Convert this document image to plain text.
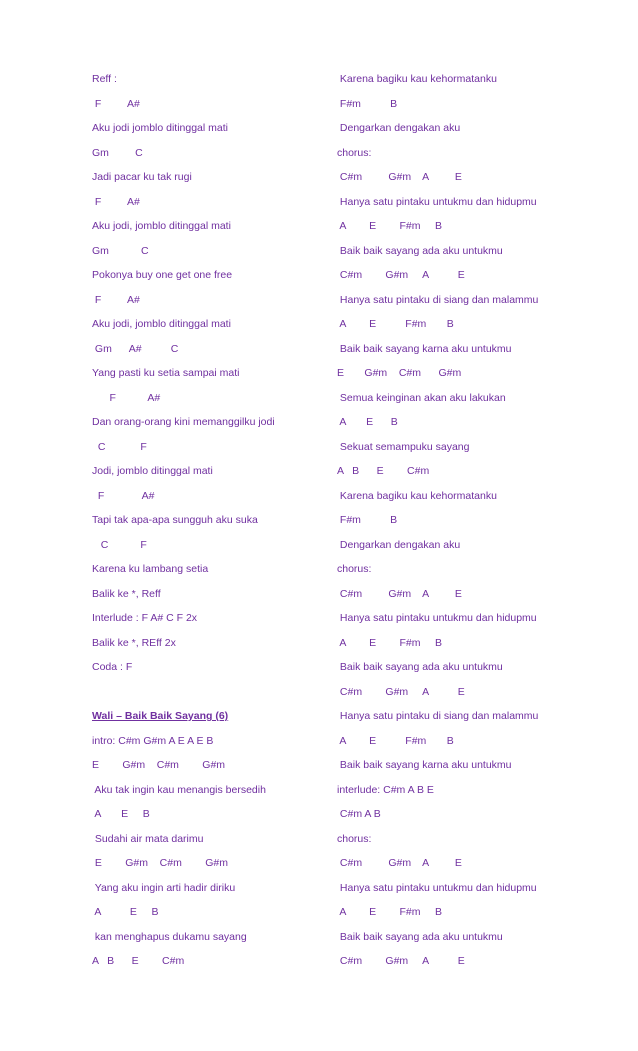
Reff :
F         A#
Aku jodi jomblo ditinggal mati
Gm         C
Jadi pacar ku tak rugi
F         A#
Aku jodi, jomblo ditinggal mati
Gm           C
Pokonya buy one get one free
F         A#
Aku jodi, jomblo ditinggal mati
Gm      A#          C
Yang pasti ku setia sampai mati
F           A#
Dan orang-orang kini memanggilku jodi
C            F
Jodi, jomblo ditinggal mati
F             A#
Tapi tak apa-apa sungguh aku suka
C           F
Karena ku lambang setia
Balik ke *, Reff
Interlude : F A# C F 2x
Balik ke *, REff 2x
Coda : F
Wali – Baik Baik Sayang (6)
intro: C#m G#m A E A E B
E        G#m    C#m        G#m
Aku tak ingin kau menangis bersedih
A       E     B
Sudahi air mata darimu
E        G#m    C#m        G#m
Yang aku ingin arti hadir diriku
A          E     B
kan menghapus dukamu sayang
A   B      E        C#m
Karena bagiku kau kehormatanku
F#m          B
Dengarkan dengakan aku
chorus:
C#m         G#m    A         E
Hanya satu pintaku untukmu dan hidupmu
A        E        F#m     B
Baik baik sayang ada aku untukmu
C#m        G#m     A          E
Hanya satu pintaku di siang dan malammu
A        E          F#m       B
Baik baik sayang karna aku untukmu
E       G#m    C#m      G#m
Semua keinginan akan aku lakukan
A       E      B
Sekuat semampuku sayang
A   B      E        C#m
Karena bagiku kau kehormatanku
F#m          B
Dengarkan dengakan aku
chorus:
C#m         G#m    A         E
Hanya satu pintaku untukmu dan hidupmu
A        E        F#m     B
Baik baik sayang ada aku untukmu
C#m        G#m     A          E
Hanya satu pintaku di siang dan malammu
A        E          F#m       B
Baik baik sayang karna aku untukmu
interlude: C#m A B E
C#m A B
chorus:
C#m         G#m    A         E
Hanya satu pintaku untukmu dan hidupmu
A        E        F#m     B
Baik baik sayang ada aku untukmu
C#m        G#m     A          E
